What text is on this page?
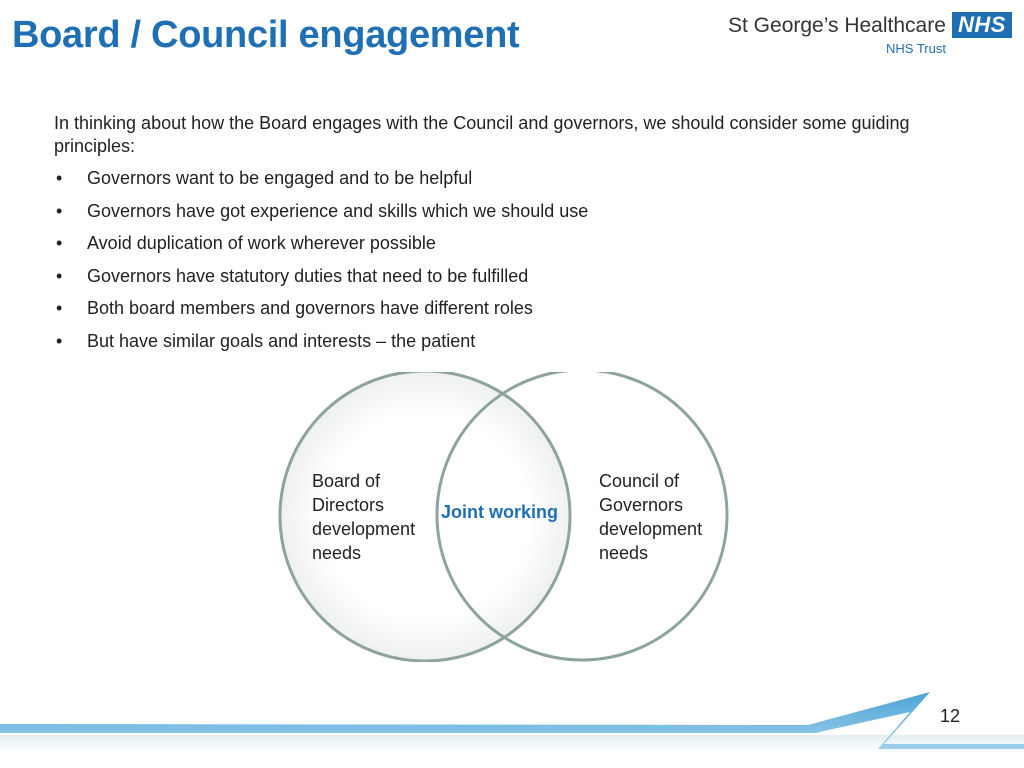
Board / Council engagement	St George’s Healthcare NHS
NHS Trust

In thinking about how the Board engages with the Council and governors, we should consider some guiding principles:

• Governors want to be engaged and to be helpful
• Governors have got experience and skills which we should use
• Avoid duplication of work wherever possible
• Governors have statutory duties that need to be fulfilled
• Both board members and governors have different roles
• But have similar goals and interests – the patient
Board of
Directors
development
needs
Joint working
Council of
Governors
development
needs
12
